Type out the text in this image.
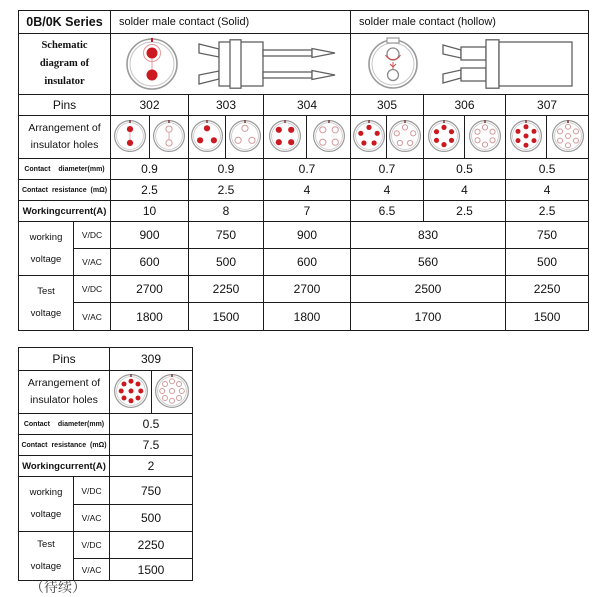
0B/0K Series		solder male contact (Solid)						solder male contact (hollow)					

Schematic
diagram of
insulator

Pins		302		303		304		305		306		307	

Arrangement of
insulator holes

Contact diameter(mm)		0.9		0.9		0.7		0.7		0.5		0.5	
Contact resistance (mΩ)		2.5		2.5		4		4		4		4	
Workingcurrent(A)		10		8		7		6.5		2.5		2.5	

working
voltage	V/DC	900		750		900		830				750	
	V/AC	600		500		600		560				500	

Test
voltage	V/DC	2700		2250		2700		2500				2250	
	V/AC	1800		1500		1800		1700				1500	
Pins		309	

Arrangement of
insulator holes

Contact diameter(mm)		0.5	
Contact resistance (mΩ)		7.5	
Workingcurrent(A)		2	

working
voltage	V/DC	750	
	V/AC	500	

Test
voltage	V/DC	2250	
	V/AC	1500	
（待续）
